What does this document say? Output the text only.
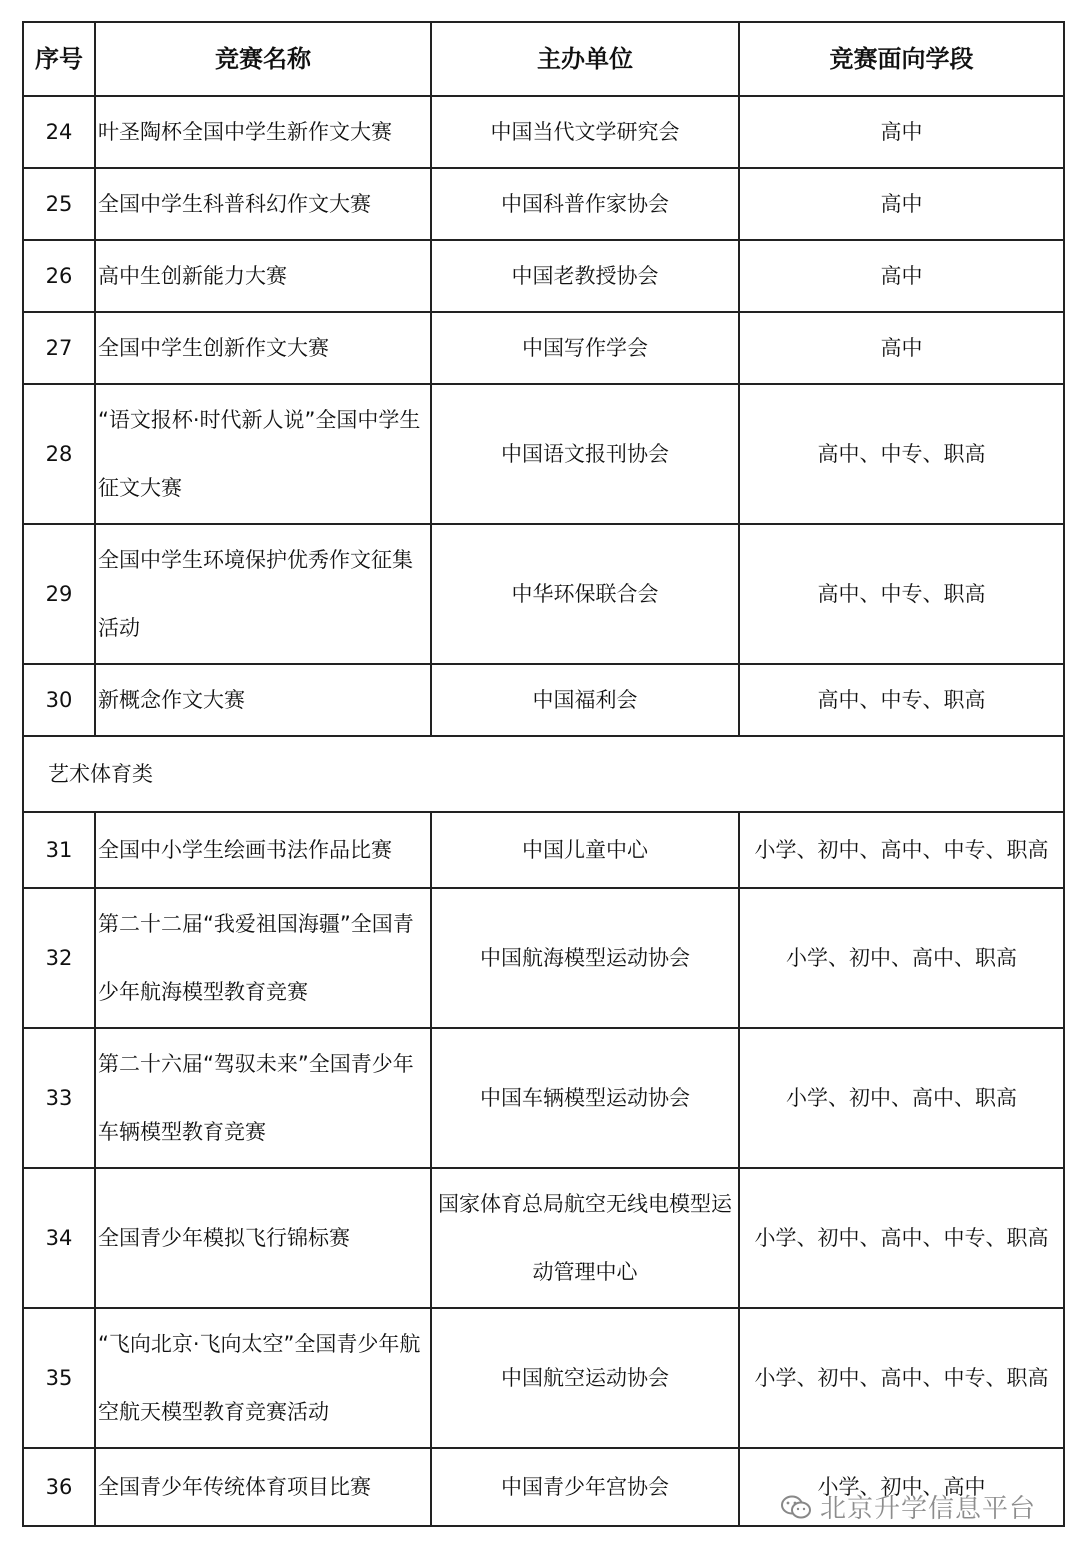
序号	竞赛名称	主办单位	竞赛面向学段
24	叶圣陶杯全国中学生新作文大赛	中国当代文学研究会	高中
25	全国中学生科普科幻作文大赛	中国科普作家协会	高中
26	高中生创新能力大赛	中国老教授协会	高中
27	全国中学生创新作文大赛	中国写作学会	高中
28	“语文报杯·时代新人说”全国中学生征文大赛	中国语文报刊协会	高中、中专、职高
29	全国中学生环境保护优秀作文征集活动	中华环保联合会	高中、中专、职高
30	新概念作文大赛	中国福利会	高中、中专、职高
艺术体育类			
31	全国中小学生绘画书法作品比赛	中国儿童中心	小学、初中、高中、中专、职高
32	第二十二届“我爱祖国海疆”全国青少年航海模型教育竞赛	中国航海模型运动协会	小学、初中、高中、职高
33	第二十六届“驾驭未来”全国青少年车辆模型教育竞赛	中国车辆模型运动协会	小学、初中、高中、职高
34	全国青少年模拟飞行锦标赛	国家体育总局航空无线电模型运动管理中心	小学、初中、高中、中专、职高
35	“飞向北京·飞向太空”全国青少年航空航天模型教育竞赛活动	中国航空运动协会	小学、初中、高中、中专、职高
36	全国青少年传统体育项目比赛	中国青少年宫协会	小学、初中、高中
北京升学信息平台
